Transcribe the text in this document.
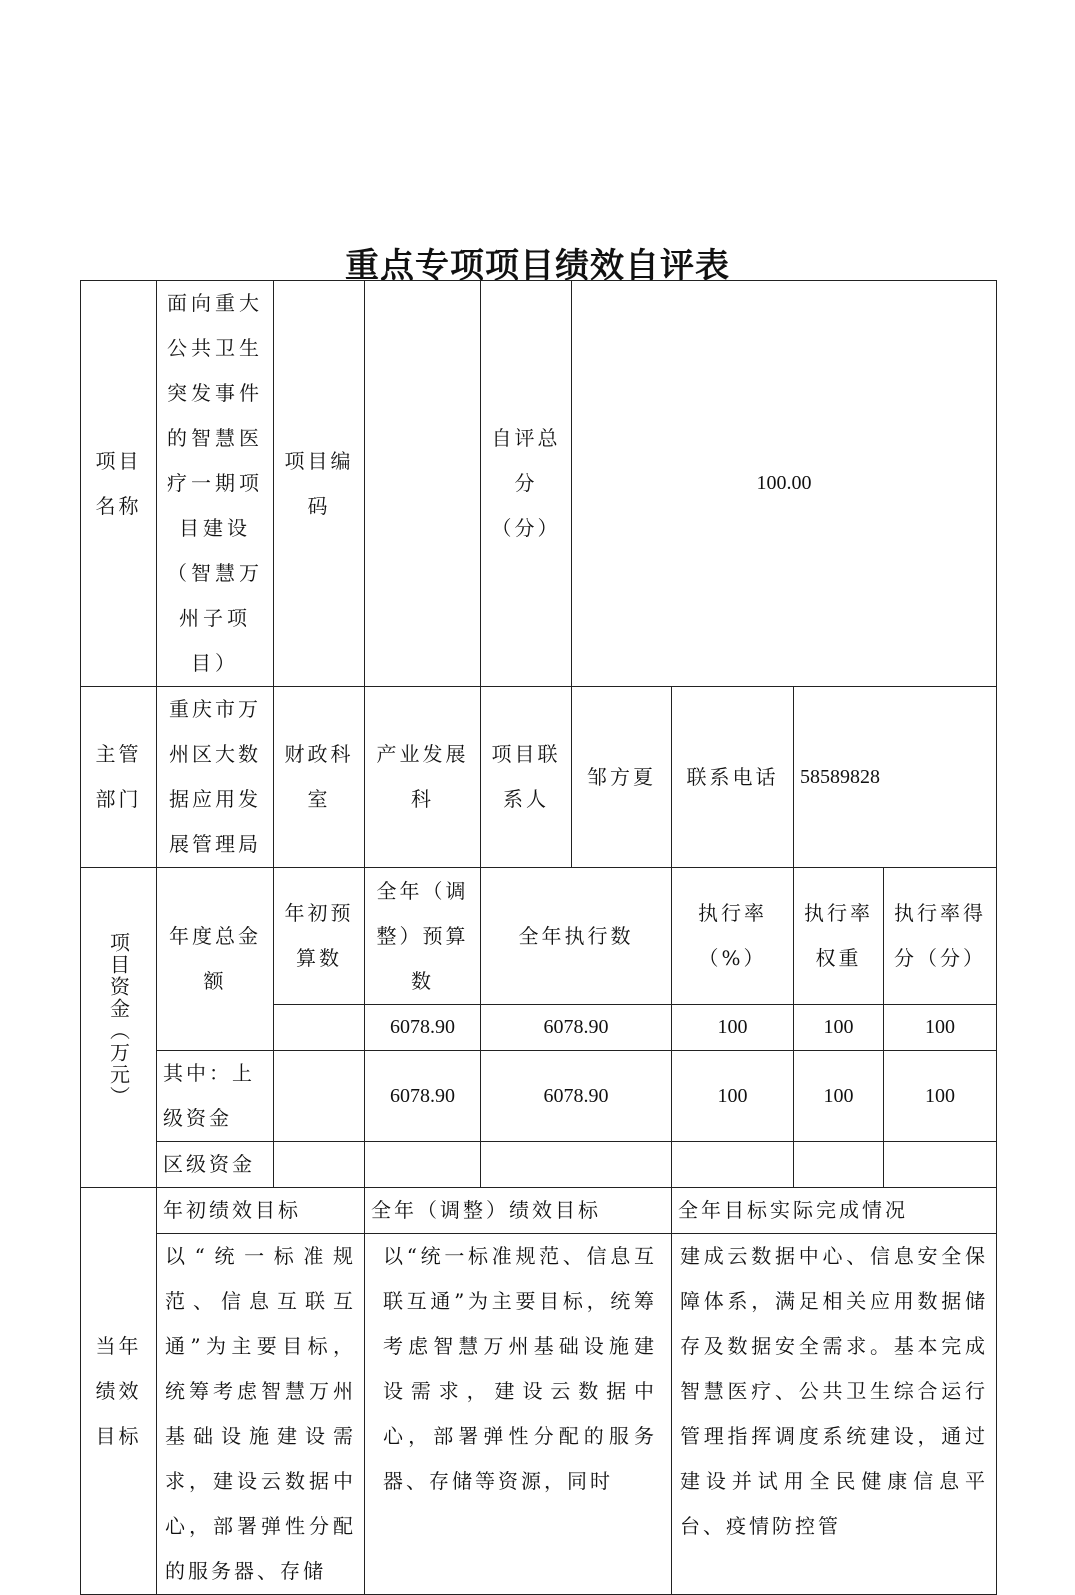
重点专项项目绩效自评表
项目名称	面向重大公共卫生突发事件的智慧医疗一期项目建设（智慧万州子项目）	项目编码		自评总分（分）	100.00			
主管部门	重庆市万州区大数据应用发展管理局	财政科室	产业发展科	项目联系人	邹方夏	联系电话	58589828	
项目资金（万元）	年度总金额	年初预算数	全年（调整）预算数	全年执行数		执行率（%）	执行率权重	执行率得分（分）
			6078.90	6078.90		100	100	100
	其中：上级资金		6078.90	6078.90		100	100	100
	区级资金							
当年绩效目标	年初绩效目标		全年（调整）绩效目标			全年目标实际完成情况		
	以“统一标准规范、信息互联互通”为主要目标，统筹考虑智慧万州基础设施建设需求，建设云数据中心，部署弹性分配的服务器、存储		以“统一标准规范、信息互联互通”为主要目标，统筹考虑智慧万州基础设施建设需求，建设云数据中心，部署弹性分配的服务器、存储等资源，同时			建成云数据中心、信息安全保障体系，满足相关应用数据储存及数据安全需求。基本完成智慧医疗、公共卫生综合运行管理指挥调度系统建设，通过建设并试用全民健康信息平台、疫情防控管		
